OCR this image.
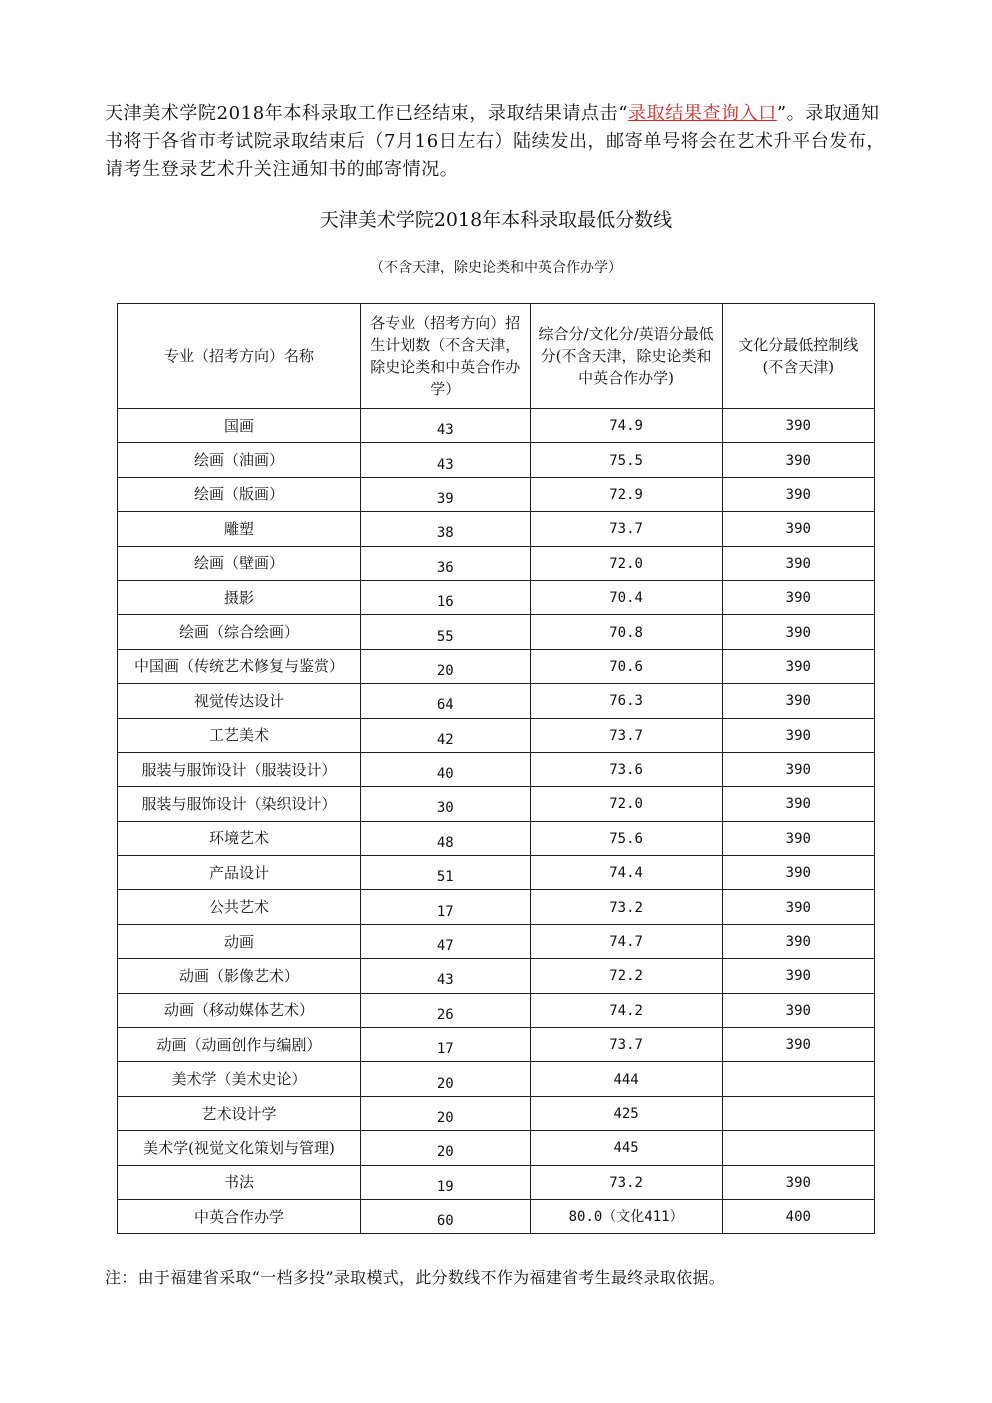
天津美术学院2018年本科录取工作已经结束，录取结果请点击“录取结果查询入口”。录取通知书将于各省市考试院录取结束后（7月16日左右）陆续发出，邮寄单号将会在艺术升平台发布，请考生登录艺术升关注通知书的邮寄情况。

天津美术学院2018年本科录取最低分数线

（不含天津，除史论类和中英合作办学）

专业（招考方向）名称	各专业（招考方向）招生计划数（不含天津，除史论类和中英合作办学）	综合分/文化分/英语分最低分(不含天津，除史论类和中英合作办学)	文化分最低控制线(不含天津)
国画	43	74.9	390
绘画（油画）	43	75.5	390
绘画（版画）	39	72.9	390
雕塑	38	73.7	390
绘画（壁画）	36	72.0	390
摄影	16	70.4	390
绘画（综合绘画）	55	70.8	390
中国画（传统艺术修复与鉴赏）	20	70.6	390
视觉传达设计	64	76.3	390
工艺美术	42	73.7	390
服装与服饰设计（服装设计）	40	73.6	390
服装与服饰设计（染织设计）	30	72.0	390
环境艺术	48	75.6	390
产品设计	51	74.4	390
公共艺术	17	73.2	390
动画	47	74.7	390
动画（影像艺术）	43	72.2	390
动画（移动媒体艺术）	26	74.2	390
动画（动画创作与编剧）	17	73.7	390
美术学（美术史论）	20	444	
艺术设计学	20	425	
美术学(视觉文化策划与管理)	20	445	
书法	19	73.2	390
中英合作办学	60	80.0（文化411）	400

注：由于福建省采取“一档多投”录取模式，此分数线不作为福建省考生最终录取依据。
